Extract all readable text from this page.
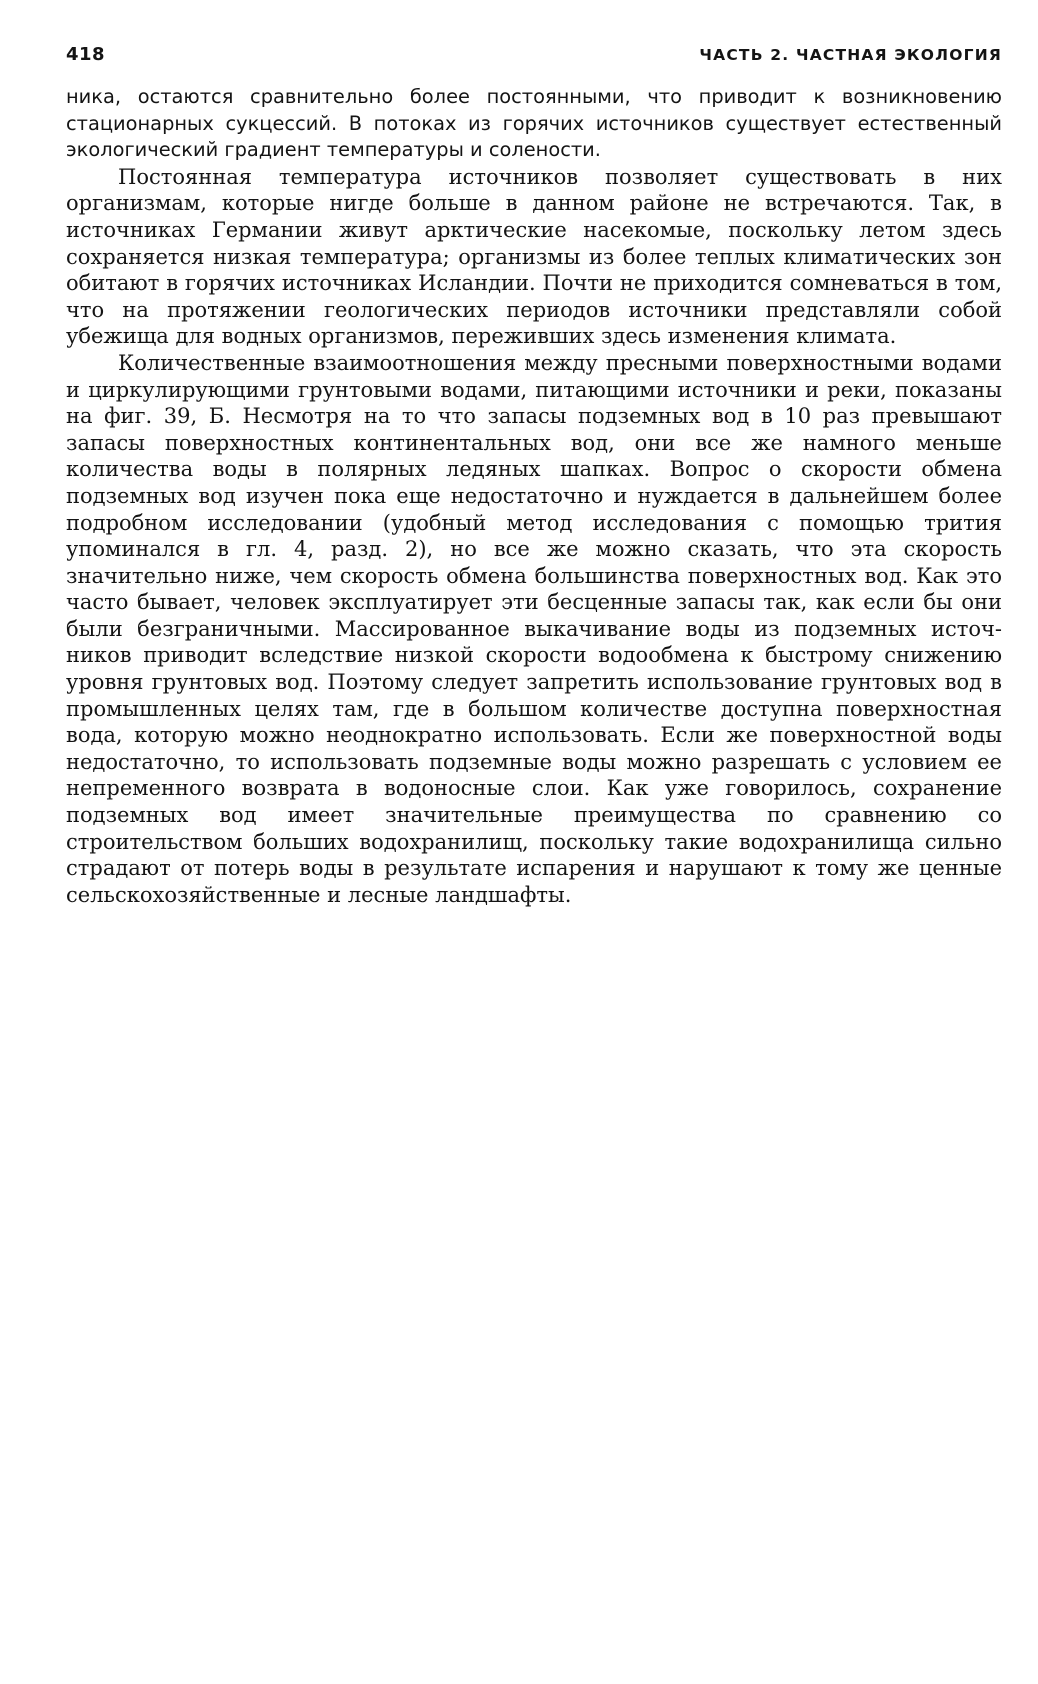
418	ЧАСТЬ 2. ЧАСТНАЯ ЭКОЛОГИЯ

ника, остаются сравнительно более постоянными, что приводит к возникновению стационарных сукцессий. В потоках из горячих источников существует естественный экологический градиент температуры и солености.

Постоянная температура источников позволяет существовать в них организмам, которые нигде больше в данном районе не встречаются. Так, в источниках Германии живут арктические насекомые, поскольку летом здесь сохраняется низкая температура; организмы из более теплых климатических зон обитают в горячих источниках Исландии. Почти не приходится сомневаться в том, что на протяжении геологических периодов источники представляли собой убежища для водных организмов, переживших здесь изменения климата.

Количественные взаимоотношения между пресными поверхностными водами и циркулирующими грунтовыми водами, питающими источники и реки, показаны на фиг. 39, Б. Несмотря на то что запасы подземных вод в 10 раз превышают запасы поверхностных континентальных вод, они все же намного меньше количества воды в полярных ледяных шапках. Вопрос о скорости обмена подземных вод изучен пока еще недостаточно и нуждается в дальнейшем более подробном исследовании (удобный метод исследования с помощью трития упоминался в гл. 4, разд. 2), но все же можно сказать, что эта скорость значительно ниже, чем скорость обмена большинства поверхностных вод. Как это часто бывает, человек эксплуатирует эти бесценные запасы так, как если бы они были безграничными. Массированное выкачивание воды из подземных источников приводит вследствие низкой скорости водообмена к быстрому снижению уровня грунтовых вод. Поэтому следует запретить использование грунтовых вод в промышленных целях там, где в большом количестве доступна поверхностная вода, которую можно неоднократно использовать. Если же поверхностной воды недостаточно, то использовать подземные воды можно разрешать с условием ее непременного возврата в водоносные слои. Как уже говорилось, сохранение подземных вод имеет значительные преимущества по сравнению со строительством больших водохранилищ, поскольку такие водохранилища сильно страдают от потерь воды в результате испарения и нарушают к тому же ценные сельскохозяйственные и лесные ландшафты.
